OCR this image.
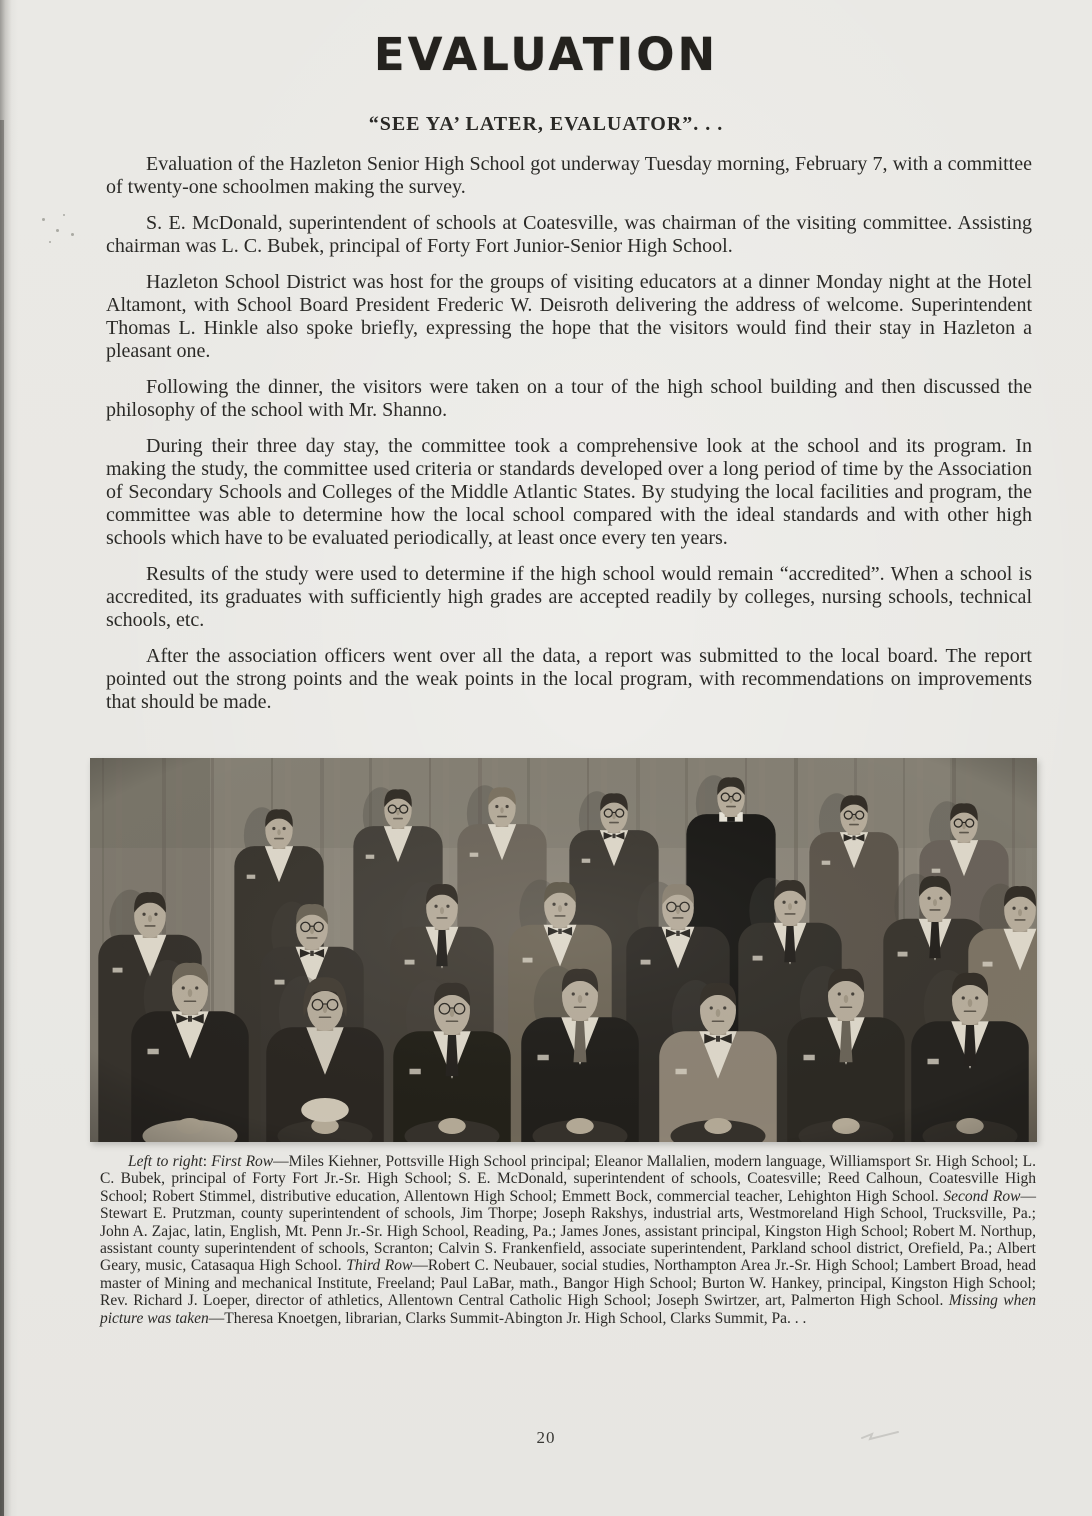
EVALUATION
“SEE YA’ LATER, EVALUATOR”. . .

Evaluation of the Hazleton Senior High School got underway Tuesday morning, February 7, with a committee of twenty-one schoolmen making the survey.

S. E. McDonald, superintendent of schools at Coatesville, was chairman of the visiting committee. Assisting chairman was L. C. Bubek, principal of Forty Fort Junior-Senior High School.

Hazleton School District was host for the groups of visiting educators at a dinner Monday night at the Hotel Altamont, with School Board President Frederic W. Deisroth delivering the address of welcome. Superintendent Thomas L. Hinkle also spoke briefly, expressing the hope that the visitors would find their stay in Hazleton a pleasant one.

Following the dinner, the visitors were taken on a tour of the high school building and then discussed the philosophy of the school with Mr. Shanno.

During their three day stay, the committee took a comprehensive look at the school and its program. In making the study, the committee used criteria or standards developed over a long period of time by the Association of Secondary Schools and Colleges of the Middle Atlantic States. By studying the local facilities and program, the committee was able to determine how the local school compared with the ideal standards and with other high schools which have to be evaluated periodically, at least once every ten years.

Results of the study were used to determine if the high school would remain “accredited”. When a school is accredited, its graduates with sufficiently high grades are accepted readily by colleges, nursing schools, technical schools, etc.

After the association officers went over all the data, a report was submitted to the local board. The report pointed out the strong points and the weak points in the local program, with recommendations on improvements that should be made.

Left to right: First Row—Miles Kiehner, Pottsville High School principal; Eleanor Mallalien, modern language, Williamsport Sr. High School; L. C. Bubek, principal of Forty Fort Jr.-Sr. High School; S. E. McDonald, superintendent of schools, Coatesville; Reed Calhoun, Coatesville High School; Robert Stimmel, distributive education, Allentown High School; Emmett Bock, commercial teacher, Lehighton High School. Second Row—Stewart E. Prutzman, county superintendent of schools, Jim Thorpe; Joseph Rakshys, industrial arts, Westmoreland High School, Trucksville, Pa.; John A. Zajac, latin, English, Mt. Penn Jr.-Sr. High School, Reading, Pa.; James Jones, assistant principal, Kingston High School; Robert M. Northup, assistant county superintendent of schools, Scranton; Calvin S. Frankenfield, associate superintendent, Parkland school district, Orefield, Pa.; Albert Geary, music, Catasaqua High School. Third Row—Robert C. Neubauer, social studies, Northampton Area Jr.-Sr. High School; Lambert Broad, head master of Mining and mechanical Institute, Freeland; Paul LaBar, math., Bangor High School; Burton W. Hankey, principal, Kingston High School; Rev. Richard J. Loeper, director of athletics, Allentown Central Catholic High School; Joseph Swirtzer, art, Palmerton High School. Missing when picture was taken—Theresa Knoetgen, librarian, Clarks Summit-Abington Jr. High School, Clarks Summit, Pa. . .

20
